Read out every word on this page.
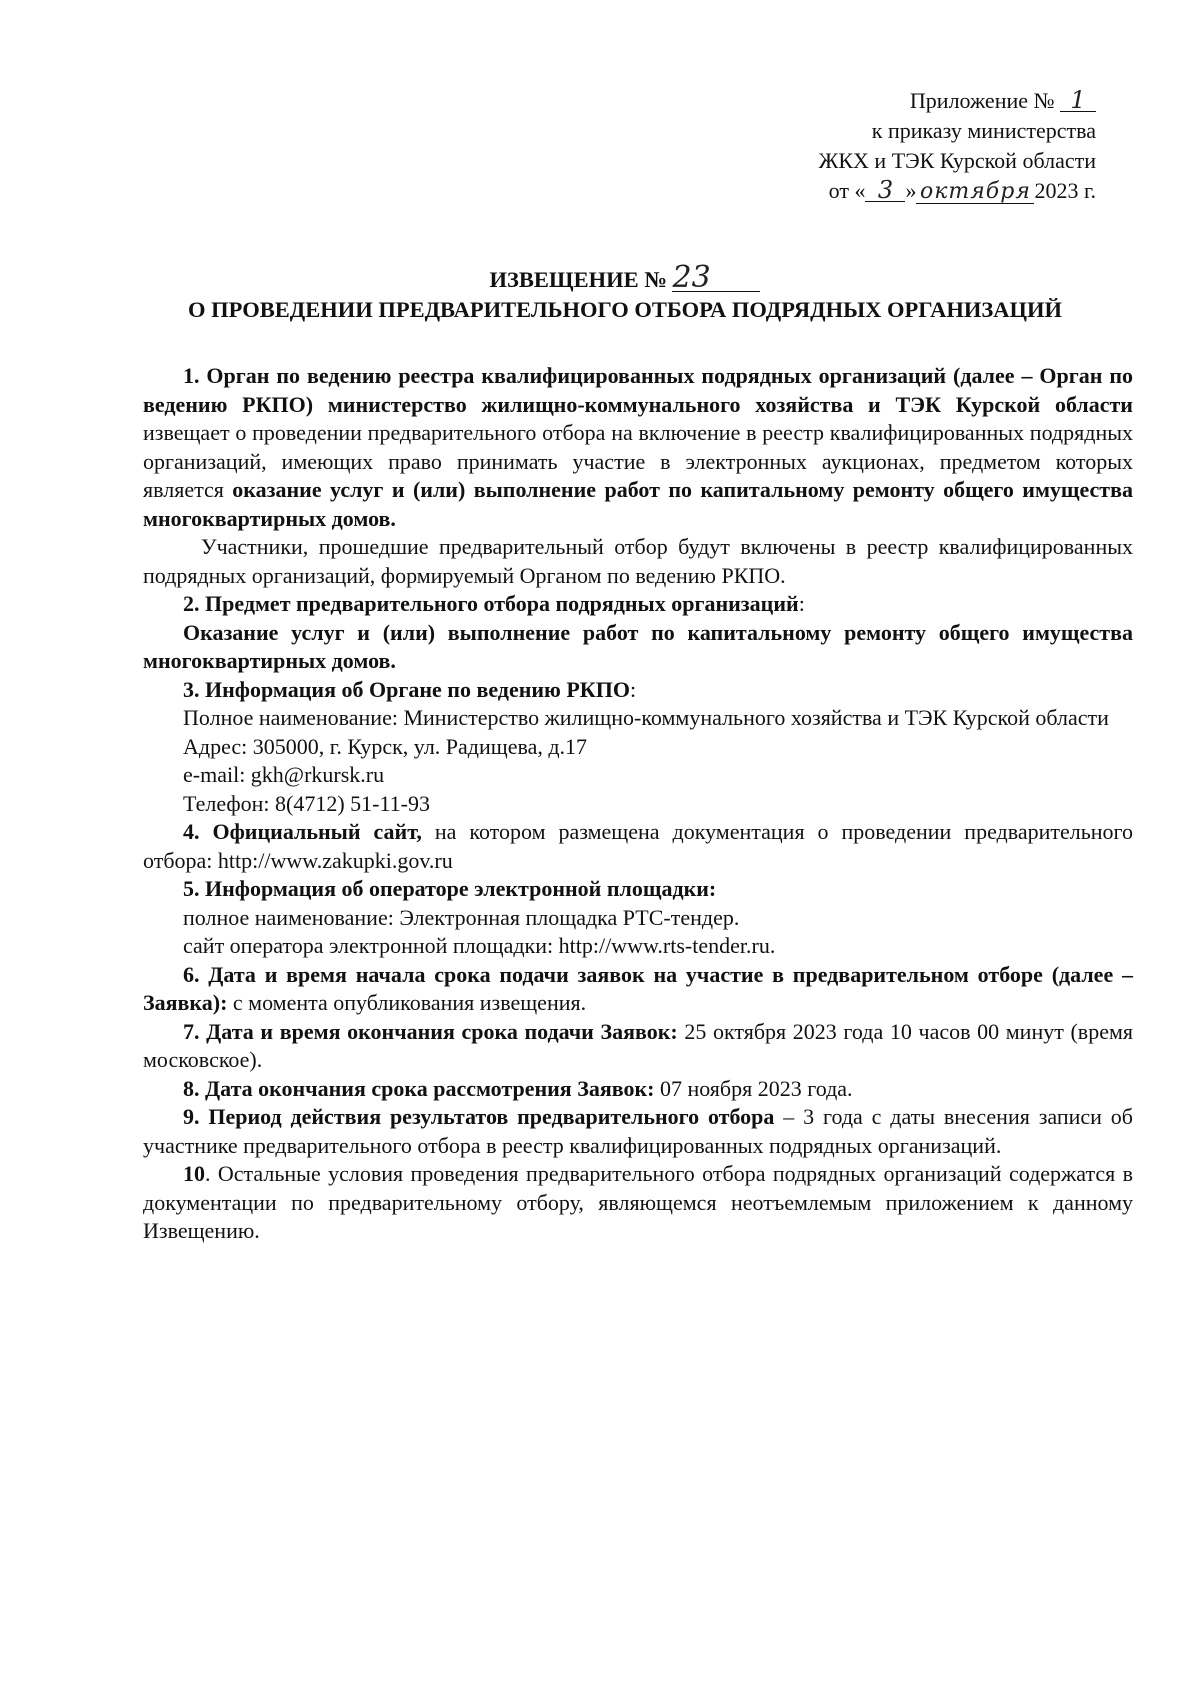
Приложение № 1
к приказу министерства
ЖКХ и ТЭК Курской области
от « 3 » октября 2023 г.
ИЗВЕЩЕНИЕ № 23
О ПРОВЕДЕНИИ ПРЕДВАРИТЕЛЬНОГО ОТБОРА ПОДРЯДНЫХ ОРГАНИЗАЦИЙ

1. Орган по ведению реестра квалифицированных подрядных организаций (далее – Орган по ведению РКПО) министерство жилищно-коммунального хозяйства и ТЭК Курской области извещает о проведении предварительного отбора на включение в реестр квалифицированных подрядных организаций, имеющих право принимать участие в электронных аукционах, предметом которых является оказание услуг и (или) выполнение работ по капитальному ремонту общего имущества многоквартирных домов.

Участники, прошедшие предварительный отбор будут включены в реестр квалифицированных подрядных организаций, формируемый Органом по ведению РКПО.

2. Предмет предварительного отбора подрядных организаций:

Оказание услуг и (или) выполнение работ по капитальному ремонту общего имущества многоквартирных домов.

3. Информация об Органе по ведению РКПО:

Полное наименование: Министерство жилищно-коммунального хозяйства и ТЭК Курской области

Адрес: 305000, г. Курск, ул. Радищева, д.17

e-mail: gkh@rkursk.ru

Телефон: 8(4712) 51-11-93

4. Официальный сайт, на котором размещена документация о проведении предварительного отбора: http://www.zakupki.gov.ru

5. Информация об операторе электронной площадки:

полное наименование: Электронная площадка РТС-тендер.

сайт оператора электронной площадки: http://www.rts-tender.ru.

6. Дата и время начала срока подачи заявок на участие в предварительном отборе (далее – Заявка): с момента опубликования извещения.

7. Дата и время окончания срока подачи Заявок: 25 октября 2023 года 10 часов 00 минут (время московское).

8. Дата окончания срока рассмотрения Заявок: 07 ноября 2023 года.

9. Период действия результатов предварительного отбора – 3 года с даты внесения записи об участнике предварительного отбора в реестр квалифицированных подрядных организаций.

10. Остальные условия проведения предварительного отбора подрядных организаций содержатся в документации по предварительному отбору, являющемся неотъемлемым приложением к данному Извещению.
